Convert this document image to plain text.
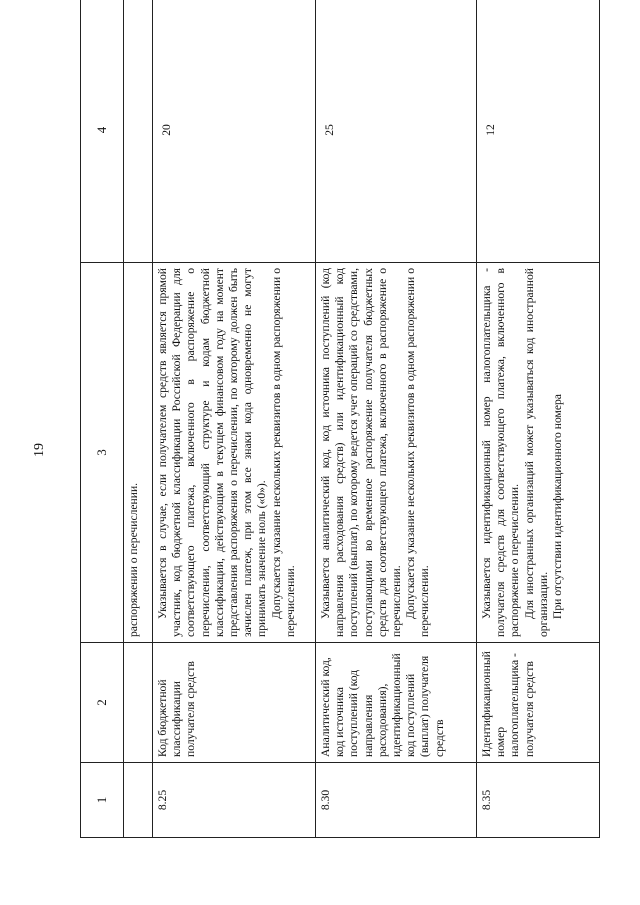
19
1	2	3	4
		распоряжении о перечислении.	
8.25	Код бюджетной классификации получателя средств	Указывается в случае, если получателем средств является прямой участник, код бюджетной классификации Российской Федерации для соответствующего платежа, включенного в распоряжение о перечислении, соответствующий структуре и кодам бюджетной классификации, действующим в текущем финансовом году на момент представления распоряжения о перечислении, по которому должен быть зачислен платеж, при этом все знаки кода одновременно не могут принимать значение ноль («0»). Допускается указание нескольких реквизитов в одном распоряжении о перечислении.	20
8.30	Аналитический код, код источника поступлений (код направления расходования), идентификационный код поступлений (выплат) получателя средств	Указывается аналитический код, код источника поступлений (код направления расходования средств) или идентификационный код поступлений (выплат), по которому ведется учет операций со средствами, поступающими во временное распоряжение получателя бюджетных средств для соответствующего платежа, включенного в распоряжение о перечислении. Допускается указание нескольких реквизитов в одном распоряжении о перечислении.	25
8.35	Идентификационный номер налогоплательщика - получателя средств	Указывается идентификационный номер налогоплательщика - получателя средств для соответствующего платежа, включенного в распоряжение о перечислении. Для иностранных организаций может указываться код иностранной организации. При отсутствии идентификационного номера	12
